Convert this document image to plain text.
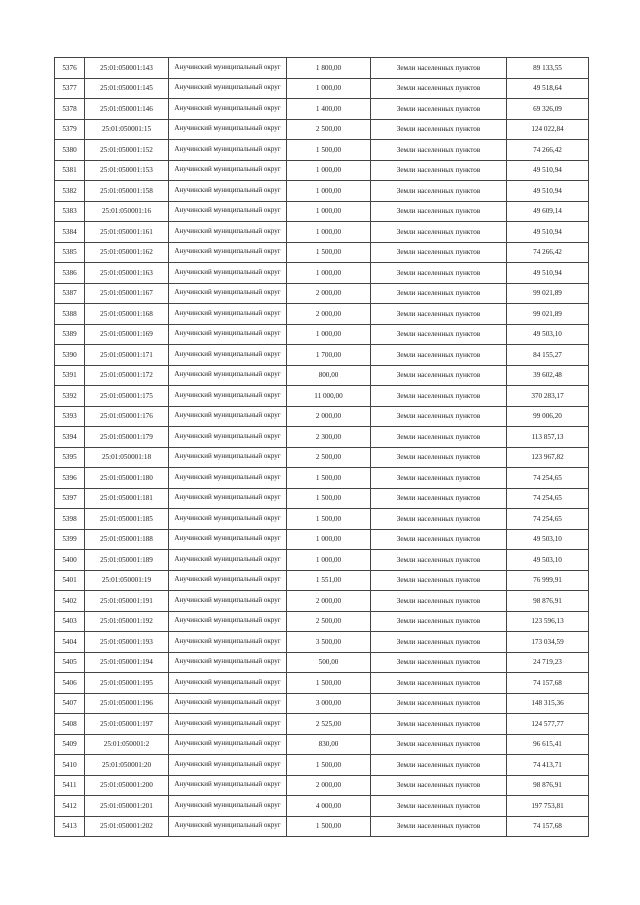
5376	25:01:050001:143	Анучинский муниципальный округ	1 800,00	Земли населенных пунктов	89 133,55
5377	25:01:050001:145	Анучинский муниципальный округ	1 000,00	Земли населенных пунктов	49 518,64
5378	25:01:050001:146	Анучинский муниципальный округ	1 400,00	Земли населенных пунктов	69 326,09
5379	25:01:050001:15	Анучинский муниципальный округ	2 500,00	Земли населенных пунктов	124 022,84
5380	25:01:050001:152	Анучинский муниципальный округ	1 500,00	Земли населенных пунктов	74 266,42
5381	25:01:050001:153	Анучинский муниципальный округ	1 000,00	Земли населенных пунктов	49 510,94
5382	25:01:050001:158	Анучинский муниципальный округ	1 000,00	Земли населенных пунктов	49 510,94
5383	25:01:050001:16	Анучинский муниципальный округ	1 000,00	Земли населенных пунктов	49 609,14
5384	25:01:050001:161	Анучинский муниципальный округ	1 000,00	Земли населенных пунктов	49 510,94
5385	25:01:050001:162	Анучинский муниципальный округ	1 500,00	Земли населенных пунктов	74 266,42
5386	25:01:050001:163	Анучинский муниципальный округ	1 000,00	Земли населенных пунктов	49 510,94
5387	25:01:050001:167	Анучинский муниципальный округ	2 000,00	Земли населенных пунктов	99 021,89
5388	25:01:050001:168	Анучинский муниципальный округ	2 000,00	Земли населенных пунктов	99 021,89
5389	25:01:050001:169	Анучинский муниципальный округ	1 000,00	Земли населенных пунктов	49 503,10
5390	25:01:050001:171	Анучинский муниципальный округ	1 700,00	Земли населенных пунктов	84 155,27
5391	25:01:050001:172	Анучинский муниципальный округ	800,00	Земли населенных пунктов	39 602,48
5392	25:01:050001:175	Анучинский муниципальный округ	11 000,00	Земли населенных пунктов	370 283,17
5393	25:01:050001:176	Анучинский муниципальный округ	2 000,00	Земли населенных пунктов	99 006,20
5394	25:01:050001:179	Анучинский муниципальный округ	2 300,00	Земли населенных пунктов	113 857,13
5395	25:01:050001:18	Анучинский муниципальный округ	2 500,00	Земли населенных пунктов	123 967,82
5396	25:01:050001:180	Анучинский муниципальный округ	1 500,00	Земли населенных пунктов	74 254,65
5397	25:01:050001:181	Анучинский муниципальный округ	1 500,00	Земли населенных пунктов	74 254,65
5398	25:01:050001:185	Анучинский муниципальный округ	1 500,00	Земли населенных пунктов	74 254,65
5399	25:01:050001:188	Анучинский муниципальный округ	1 000,00	Земли населенных пунктов	49 503,10
5400	25:01:050001:189	Анучинский муниципальный округ	1 000,00	Земли населенных пунктов	49 503,10
5401	25:01:050001:19	Анучинский муниципальный округ	1 551,00	Земли населенных пунктов	76 999,91
5402	25:01:050001:191	Анучинский муниципальный округ	2 000,00	Земли населенных пунктов	98 876,91
5403	25:01:050001:192	Анучинский муниципальный округ	2 500,00	Земли населенных пунктов	123 596,13
5404	25:01:050001:193	Анучинский муниципальный округ	3 500,00	Земли населенных пунктов	173 034,59
5405	25:01:050001:194	Анучинский муниципальный округ	500,00	Земли населенных пунктов	24 719,23
5406	25:01:050001:195	Анучинский муниципальный округ	1 500,00	Земли населенных пунктов	74 157,68
5407	25:01:050001:196	Анучинский муниципальный округ	3 000,00	Земли населенных пунктов	148 315,36
5408	25:01:050001:197	Анучинский муниципальный округ	2 525,00	Земли населенных пунктов	124 577,77
5409	25:01:050001:2	Анучинский муниципальный округ	830,00	Земли населенных пунктов	96 615,41
5410	25:01:050001:20	Анучинский муниципальный округ	1 500,00	Земли населенных пунктов	74 413,71
5411	25:01:050001:200	Анучинский муниципальный округ	2 000,00	Земли населенных пунктов	98 876,91
5412	25:01:050001:201	Анучинский муниципальный округ	4 000,00	Земли населенных пунктов	197 753,81
5413	25:01:050001:202	Анучинский муниципальный округ	1 500,00	Земли населенных пунктов	74 157,68
